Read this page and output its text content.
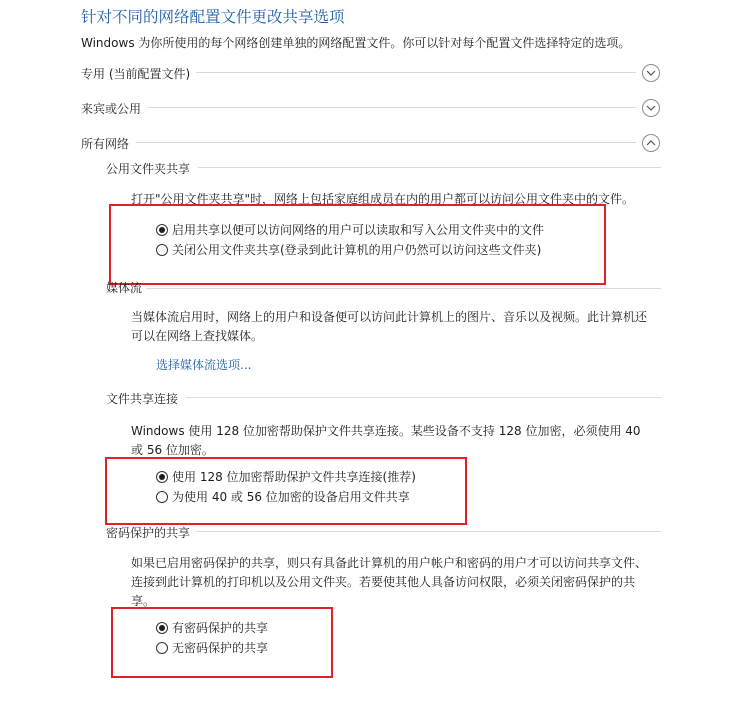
针对不同的网络配置文件更改共享选项
Windows 为你所使用的每个网络创建单独的网络配置文件。你可以针对每个配置文件选择特定的选项。
专用 (当前配置文件)
来宾或公用
所有网络
公用文件夹共享
打开"公用文件夹共享"时，网络上包括家庭组成员在内的用户都可以访问公用文件夹中的文件。
启用共享以便可以访问网络的用户可以读取和写入公用文件夹中的文件
关闭公用文件夹共享(登录到此计算机的用户仍然可以访问这些文件夹)
媒体流
当媒体流启用时，网络上的用户和设备便可以访问此计算机上的图片、音乐以及视频。此计算机还可以在网络上查找媒体。
选择媒体流选项...
文件共享连接
Windows 使用 128 位加密帮助保护文件共享连接。某些设备不支持 128 位加密，必须使用 40 或 56 位加密。
使用 128 位加密帮助保护文件共享连接(推荐)
为使用 40 或 56 位加密的设备启用文件共享
密码保护的共享
如果已启用密码保护的共享，则只有具备此计算机的用户帐户和密码的用户才可以访问共享文件、连接到此计算机的打印机以及公用文件夹。若要使其他人具备访问权限，必须关闭密码保护的共享。
有密码保护的共享
无密码保护的共享
